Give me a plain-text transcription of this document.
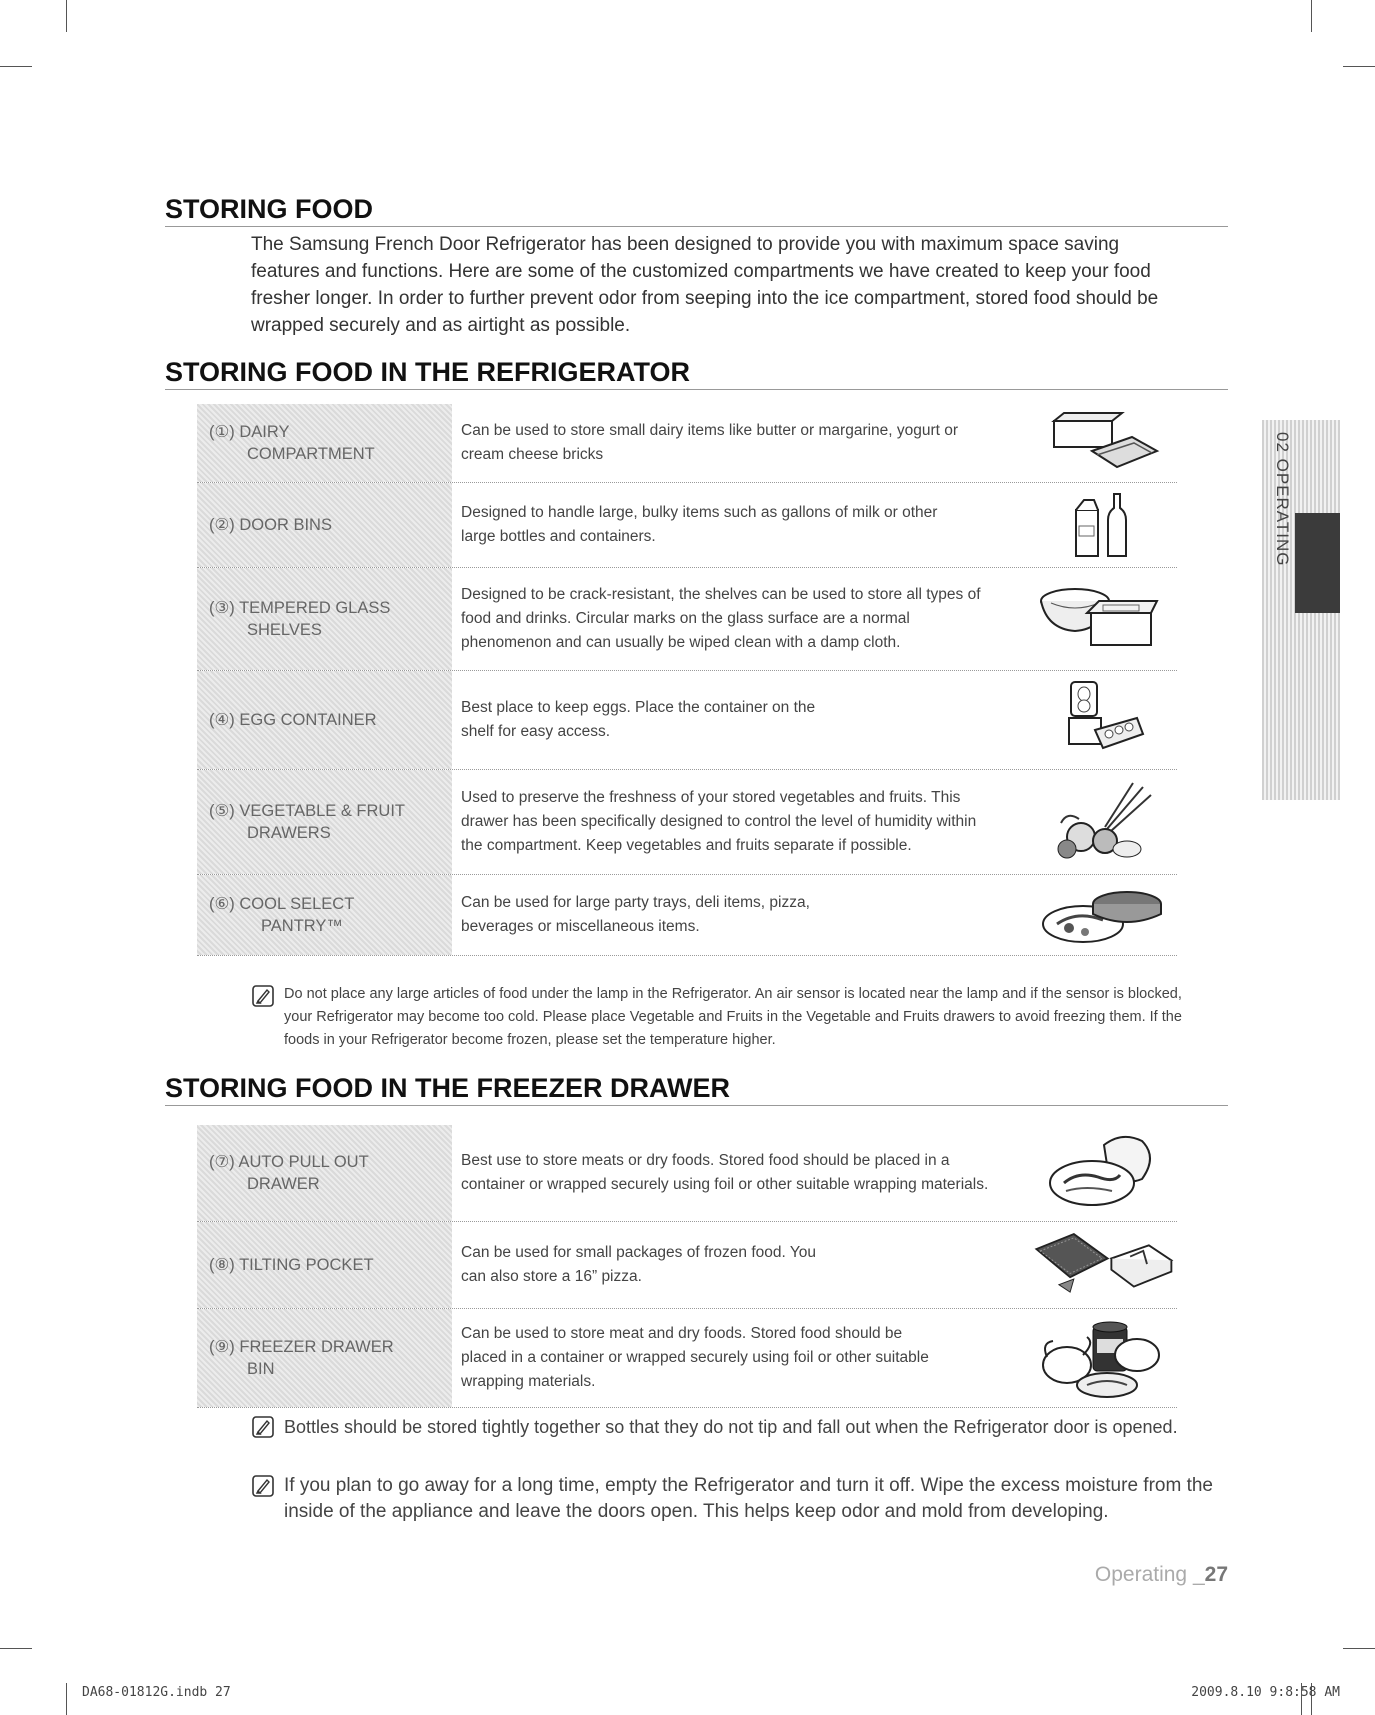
STORING FOOD
The Samsung French Door Refrigerator has been designed to provide you with maximum space saving features and functions. Here are some of the customized compartments we have created to keep your food fresher longer. In order to further prevent odor from seeping into the ice compartment, stored food should be wrapped securely and as airtight as possible.
STORING FOOD IN THE REFRIGERATOR
(①) DAIRY
COMPARTMENT
Can be used to store small dairy items like butter or margarine, yogurt or cream cheese bricks
(②) DOOR BINS
Designed to handle large, bulky items such as gallons of milk or other large bottles and containers.
(③) TEMPERED GLASS
SHELVES
Designed to be crack-resistant, the shelves can be used to store all types of food and drinks. Circular marks on the glass surface are a normal phenomenon and can usually be wiped clean with a damp cloth.
(④) EGG CONTAINER
Best place to keep eggs. Place the container on the shelf for easy access.
(⑤) VEGETABLE & FRUIT
DRAWERS
Used to preserve the freshness of your stored vegetables and fruits. This drawer has been specifically designed to control the level of humidity within the compartment. Keep vegetables and fruits separate if possible.
(⑥) COOL SELECT
PANTRY™
Can be used for large party trays, deli items, pizza, beverages or miscellaneous items.
Do not place any large articles of food under the lamp in the Refrigerator. An air sensor is located near the lamp and if the sensor is blocked, your Refrigerator may become too cold. Please place Vegetable and Fruits in the Vegetable and Fruits drawers to avoid freezing them. If the foods in your Refrigerator become frozen, please set the temperature higher.
STORING FOOD IN THE FREEZER DRAWER
(⑦) AUTO PULL OUT
DRAWER
Best use to store meats or dry foods. Stored food should be placed in a container or wrapped securely using foil or other suitable wrapping materials.
(⑧) TILTING POCKET
Can be used for small packages of frozen food. You can also store a 16” pizza.
(⑨) FREEZER DRAWER
BIN
Can be used to store meat and dry foods. Stored food should be placed in a container or wrapped securely using foil or other suitable wrapping materials.
Bottles should be stored tightly together so that they do not tip and fall out when the Refrigerator door is opened.
If you plan to go away for a long time, empty the Refrigerator and turn it off. Wipe the excess moisture from the inside of the appliance and leave the doors open. This helps keep odor and mold from developing.
02 OPERATING
Operating _27
DA68-01812G.indb 27	2009.8.10 9:8:58 AM
